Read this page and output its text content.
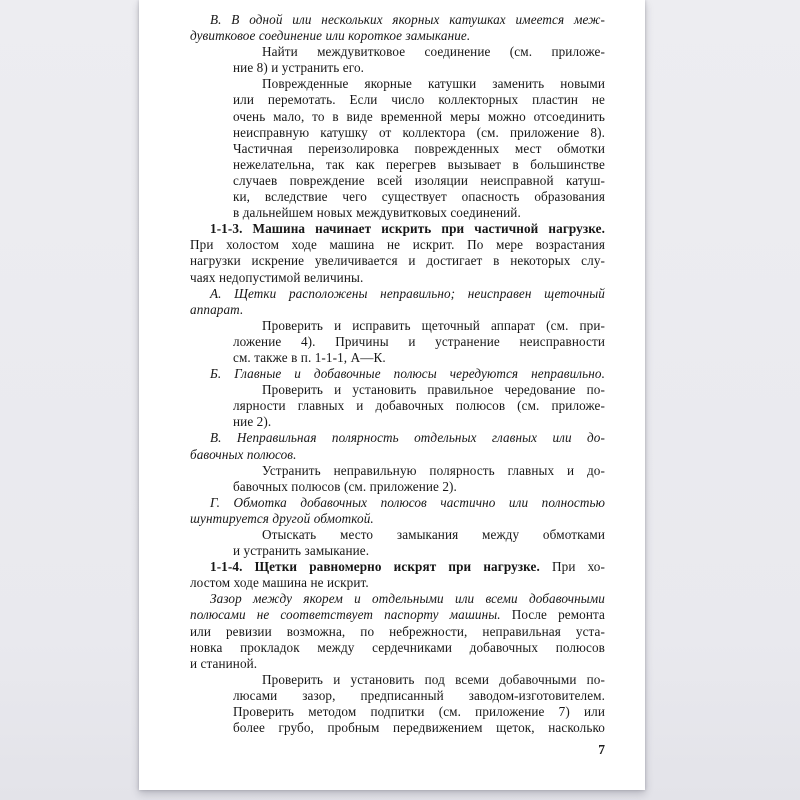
В. В одной или нескольких якорных катушках имеется меж-
дувитковое соединение или короткое замыкание.
Найти междувитковое соединение (см. приложе-
ние 8) и устранить его.
Поврежденные якорные катушки заменить новыми
или перемотать. Если число коллекторных пластин не
очень мало, то в виде временной меры можно отсоединить
неисправную катушку от коллектора (см. приложение 8).
Частичная переизолировка поврежденных мест обмотки
нежелательна, так как перегрев вызывает в большинстве
случаев повреждение всей изоляции неисправной катуш-
ки, вследствие чего существует опасность образования
в дальнейшем новых междувитковых соединений.
1-1-3. Машина начинает искрить при частичной нагрузке.
При холостом ходе машина не искрит. По мере возрастания
нагрузки искрение увеличивается и достигает в некоторых слу-
чаях недопустимой величины.
А. Щетки расположены неправильно; неисправен щеточный
аппарат.
Проверить и исправить щеточный аппарат (см. при-
ложение 4). Причины и устранение неисправности
см. также в п. 1-1-1, А—К.
Б. Главные и добавочные полюсы чередуются неправильно.
Проверить и установить правильное чередование по-
лярности главных и добавочных полюсов (см. приложе-
ние 2).
В. Неправильная полярность отдельных главных или до-
бавочных полюсов.
Устранить неправильную полярность главных и до-
бавочных полюсов (см. приложение 2).
Г. Обмотка добавочных полюсов частично или полностью
шунтируется другой обмоткой.
Отыскать место замыкания между обмотками
и устранить замыкание.
1-1-4. Щетки равномерно искрят при нагрузке. При хо-
лостом ходе машина не искрит.
Зазор между якорем и отдельными или всеми добавочными
полюсами не соответствует паспорту машины. После ремонта
или ревизии возможна, по небрежности, неправильная уста-
новка прокладок между сердечниками добавочных полюсов
и станиной.
Проверить и установить под всеми добавочными по-
люсами зазор, предписанный заводом-изготовителем.
Проверить методом подпитки (см. приложение 7) или
более грубо, пробным передвижением щеток, насколько
7
